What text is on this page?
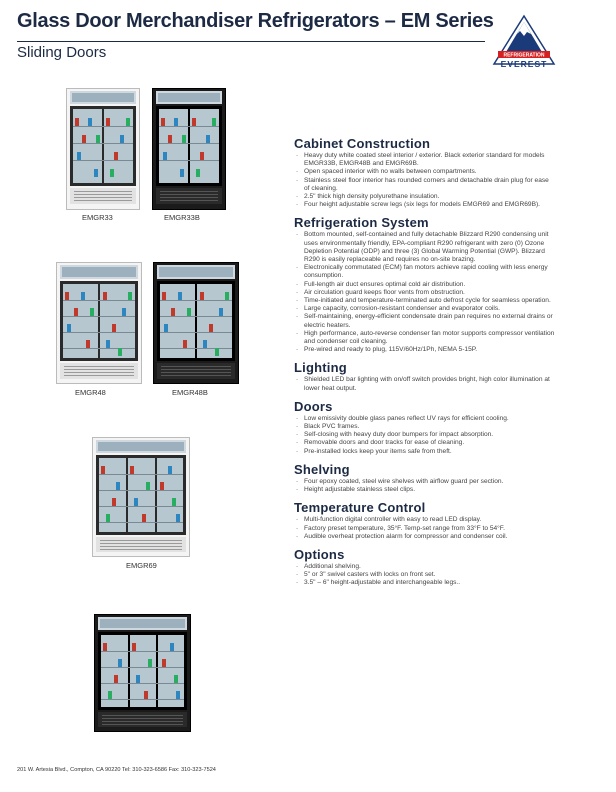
Glass Door Merchandiser Refrigerators – EM Series
Sliding Doors	REFRIGERATION
EVEREST
EMGR33	EMGR33B
EMGR48	EMGR48B
EMGR69
Cabinet Construction
- Heavy duty white coated steel interior / exterior. Black exterior standard for models EMGR33B, EMGR48B and EMGR69B.
- Open spaced interior with no walls between compartments.
- Stainless steel floor interior has rounded corners and detachable drain plug for ease of cleaning.
- 2.5" thick high density polyurethane insulation.
- Four height adjustable screw legs (six legs for models EMGR69 and EMGR69B).
Refrigeration System
- Bottom mounted, self-contained and fully detachable Blizzard R290 condensing unit uses environmentally friendly, EPA-compliant R290 refrigerant with zero (0) Ozone Depletion Potential (ODP) and three (3) Global Warming Potential (GWP). Blizzard R290 is easily replaceable and requires no on-site brazing.
- Electronically commutated (ECM) fan motors achieve rapid cooling with less energy consumption.
- Full-length air duct ensures optimal cold air distribution.
- Air circulation guard keeps floor vents from obstruction.
- Time-initiated and temperature-terminated auto defrost cycle for seamless operation.
- Large capacity, corrosion-resistant condenser and evaporator coils.
- Self-maintaining, energy-efficient condensate drain pan requires no external drains or electric heaters.
- High performance, auto-reverse condenser fan motor supports compressor ventilation and condenser coil cleaning.
- Pre-wired and ready to plug, 115V/60Hz/1Ph, NEMA 5-15P.
Lighting
- Shielded LED bar lighting with on/off switch provides bright, high color illumination at lower heat output.
Doors
- Low emissivity double glass panes reflect UV rays for efficient cooling.
- Black PVC frames.
- Self-closing with heavy duty door bumpers for impact absorption.
- Removable doors and door tracks for ease of cleaning.
- Pre-installed locks keep your items safe from theft.
Shelving
- Four epoxy coated, steel wire shelves with airflow guard per section.
- Height adjustable stainless steel clips.
Temperature Control
- Multi-function digital controller with easy to read LED display.
- Factory preset temperature, 35°F. Temp-set range from 33°F to 54°F.
- Audible overheat protection alarm for compressor and condenser coil.
Options
- Additional shelving.
- 5" or 3" swivel casters with locks on front set.
- 3.5" – 6" height-adjustable and interchangeable legs..
201 W. Artesia Blvd., Compton, CA 90220 Tel: 310-323-6586 Fax: 310-323-7524
